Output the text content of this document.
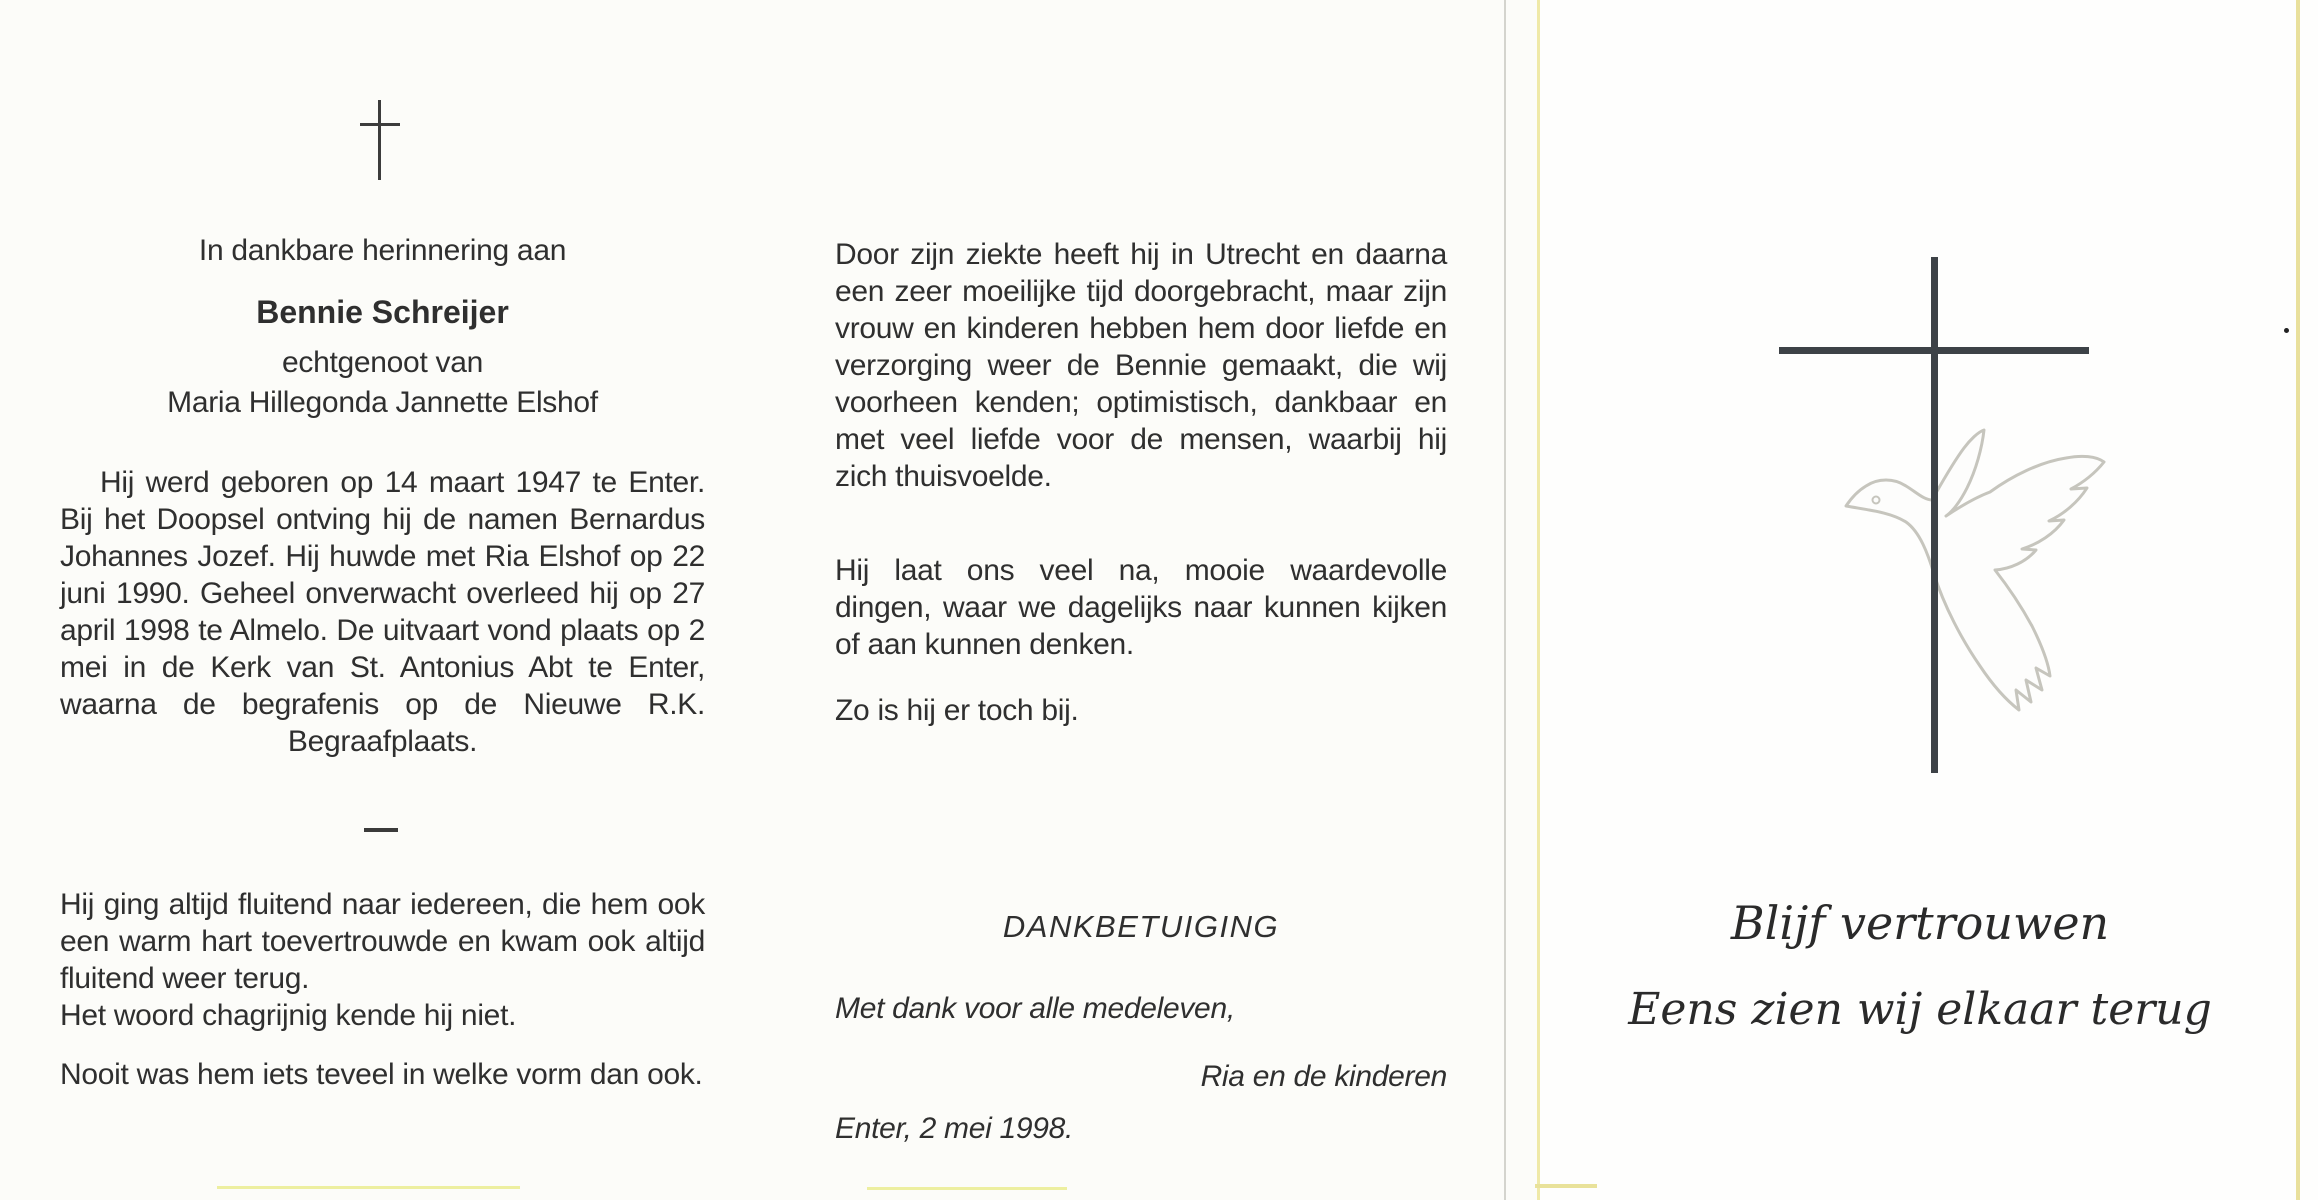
In dankbare herinnering aan

Bennie Schreijer

echtgenoot van

Maria Hillegonda Jannette Elshof

Hij werd geboren op 14 maart 1947 te Enter. Bij het Doopsel ontving hij de namen Bernardus Johannes Jozef. Hij huwde met Ria Elshof op 22 juni 1990. Geheel onverwacht overleed hij op 27 april 1998 te Almelo. De uitvaart vond plaats op 2 mei in de Kerk van St. Antonius Abt te Enter, waarna de begrafenis op de Nieuwe R.K. Begraafplaats.

Hij ging altijd fluitend naar iedereen, die hem ook een warm hart toevertrouwde en kwam ook altijd fluitend weer terug.

Het woord chagrijnig kende hij niet.

Nooit was hem iets teveel in welke vorm dan ook.

Door zijn ziekte heeft hij in Utrecht en daarna een zeer moeilijke tijd doorgebracht, maar zijn vrouw en kinderen hebben hem door liefde en verzorging weer de Bennie gemaakt, die wij voorheen kenden; optimistisch, dankbaar en met veel liefde voor de mensen, waarbij hij zich thuisvoelde.

Hij laat ons veel na, mooie waardevolle dingen, waar we dagelijks naar kunnen kijken of aan kunnen denken.

Zo is hij er toch bij.

DANKBETUIGING

Met dank voor alle medeleven,

Ria en de kinderen

Enter, 2 mei 1998.

Blijf vertrouwen

Eens zien wij elkaar terug
